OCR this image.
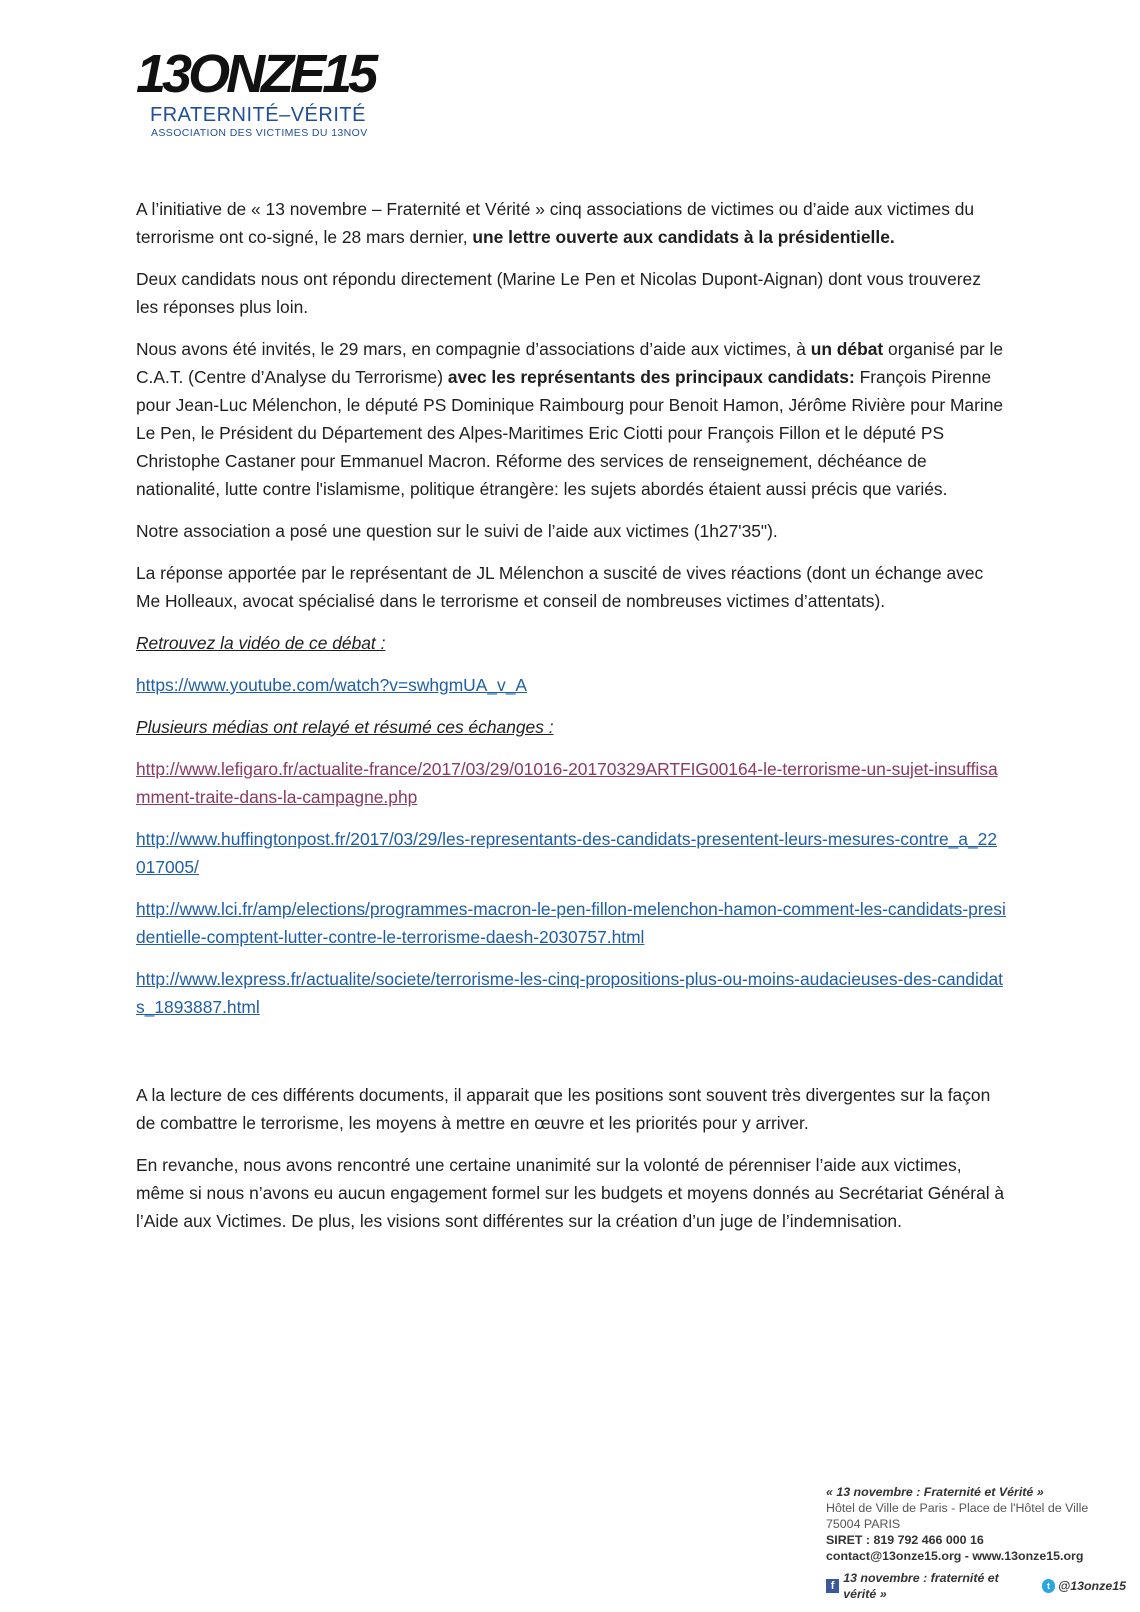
13ONZE15
FRATERNITÉ–VÉRITÉ
ASSOCIATION DES VICTIMES DU 13NOV

A l’initiative de « 13 novembre – Fraternité et Vérité » cinq associations de victimes ou d’aide aux victimes du terrorisme ont co-signé, le 28 mars dernier, une lettre ouverte aux candidats à la présidentielle.

Deux candidats nous ont répondu directement (Marine Le Pen et Nicolas Dupont-Aignan) dont vous trouverez les réponses plus loin.

Nous avons été invités, le 29 mars, en compagnie d’associations d’aide aux victimes, à un débat organisé par le C.A.T. (Centre d’Analyse du Terrorisme) avec les représentants des principaux candidats: François Pirenne pour Jean-Luc Mélenchon, le député PS Dominique Raimbourg pour Benoit Hamon, Jérôme Rivière pour Marine Le Pen, le Président du Département des Alpes-Maritimes Eric Ciotti pour François Fillon et le député PS Christophe Castaner pour Emmanuel Macron. Réforme des services de renseignement, déchéance de nationalité, lutte contre l'islamisme, politique étrangère: les sujets abordés étaient aussi précis que variés.

Notre association a posé une question sur le suivi de l’aide aux victimes (1h27'35").

La réponse apportée par le représentant de JL Mélenchon a suscité de vives réactions (dont un échange avec Me Holleaux, avocat spécialisé dans le terrorisme et conseil de nombreuses victimes d’attentats).

Retrouvez la vidéo de ce débat :

https://www.youtube.com/watch?v=swhgmUA_v_A

Plusieurs médias ont relayé et résumé ces échanges :

http://www.lefigaro.fr/actualite-france/2017/03/29/01016-20170329ARTFIG00164-le-terrorisme-un-sujet-insuffisamment-traite-dans-la-campagne.php

http://www.huffingtonpost.fr/2017/03/29/les-representants-des-candidats-presentent-leurs-mesures-contre_a_22017005/

http://www.lci.fr/amp/elections/programmes-macron-le-pen-fillon-melenchon-hamon-comment-les-candidats-presidentielle-comptent-lutter-contre-le-terrorisme-daesh-2030757.html

http://www.lexpress.fr/actualite/societe/terrorisme-les-cinq-propositions-plus-ou-moins-audacieuses-des-candidats_1893887.html

A la lecture de ces différents documents, il apparait que les positions sont souvent très divergentes sur la façon de combattre le terrorisme, les moyens à mettre en œuvre et les priorités pour y arriver.

En revanche, nous avons rencontré une certaine unanimité sur la volonté de pérenniser l’aide aux victimes, même si nous n’avons eu aucun engagement formel sur les budgets et moyens donnés au Secrétariat Général à l’Aide aux Victimes. De plus, les visions sont différentes sur la création d’un juge de l’indemnisation.

« 13 novembre : Fraternité et Vérité »
Hôtel de Ville de Paris - Place de l'Hôtel de Ville
75004 PARIS
SIRET : 819 792 466 000 16
contact@13onze15.org - www.13onze15.org
f
13 novembre : fraternité et vérité »
t @13onze15
